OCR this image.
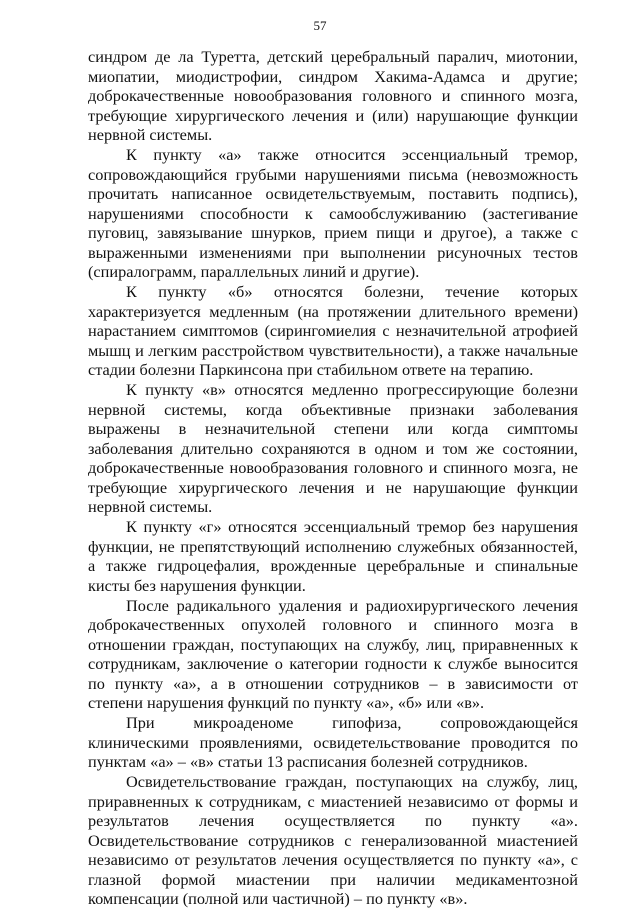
57

синдром де ла Туретта, детский церебральный паралич, миотонии, миопатии, миодистрофии, синдром Хакима-Адамса и другие; доброкачественные новообразования головного и спинного мозга, требующие хирургического лечения и (или) нарушающие функции нервной системы.

К пункту «а» также относится эссенциальный тремор, сопровождающийся грубыми нарушениями письма (невозможность прочитать написанное освидетельствуемым, поставить подпись), нарушениями способности к самообслуживанию (застегивание пуговиц, завязывание шнурков, прием пищи и другое), а также с выраженными изменениями при выполнении рисуночных тестов (спиралограмм, параллельных линий и другие).

К пункту «б» относятся болезни, течение которых характеризуется медленным (на протяжении длительного времени) нарастанием симптомов (сирингомиелия с незначительной атрофией мышц и легким расстройством чувствительности), а также начальные стадии болезни Паркинсона при стабильном ответе на терапию.

К пункту «в» относятся медленно прогрессирующие болезни нервной системы, когда объективные признаки заболевания выражены в незначительной степени или когда симптомы заболевания длительно сохраняются в одном и том же состоянии, доброкачественные новообразования головного и спинного мозга, не требующие хирургического лечения и не нарушающие функции нервной системы.

К пункту «г» относятся эссенциальный тремор без нарушения функции, не препятствующий исполнению служебных обязанностей, а также гидроцефалия, врожденные церебральные и спинальные кисты без нарушения функции.

После радикального удаления и радиохирургического лечения доброкачественных опухолей головного и спинного мозга в отношении граждан, поступающих на службу, лиц, приравненных к сотрудникам, заключение о категории годности к службе выносится по пункту «а», а в отношении сотрудников – в зависимости от степени нарушения функций по пункту «а», «б» или «в».

При микроаденоме гипофиза, сопровождающейся клиническими проявлениями, освидетельствование проводится по пунктам «а» – «в» статьи 13 расписания болезней сотрудников.

Освидетельствование граждан, поступающих на службу, лиц, приравненных к сотрудникам, с миастенией независимо от формы и результатов лечения осуществляется по пункту «а». Освидетельствование сотрудников с генерализованной миастенией независимо от результатов лечения осуществляется по пункту «а», с глазной формой миастении при наличии медикаментозной компенсации (полной или частичной) – по пункту «в».
